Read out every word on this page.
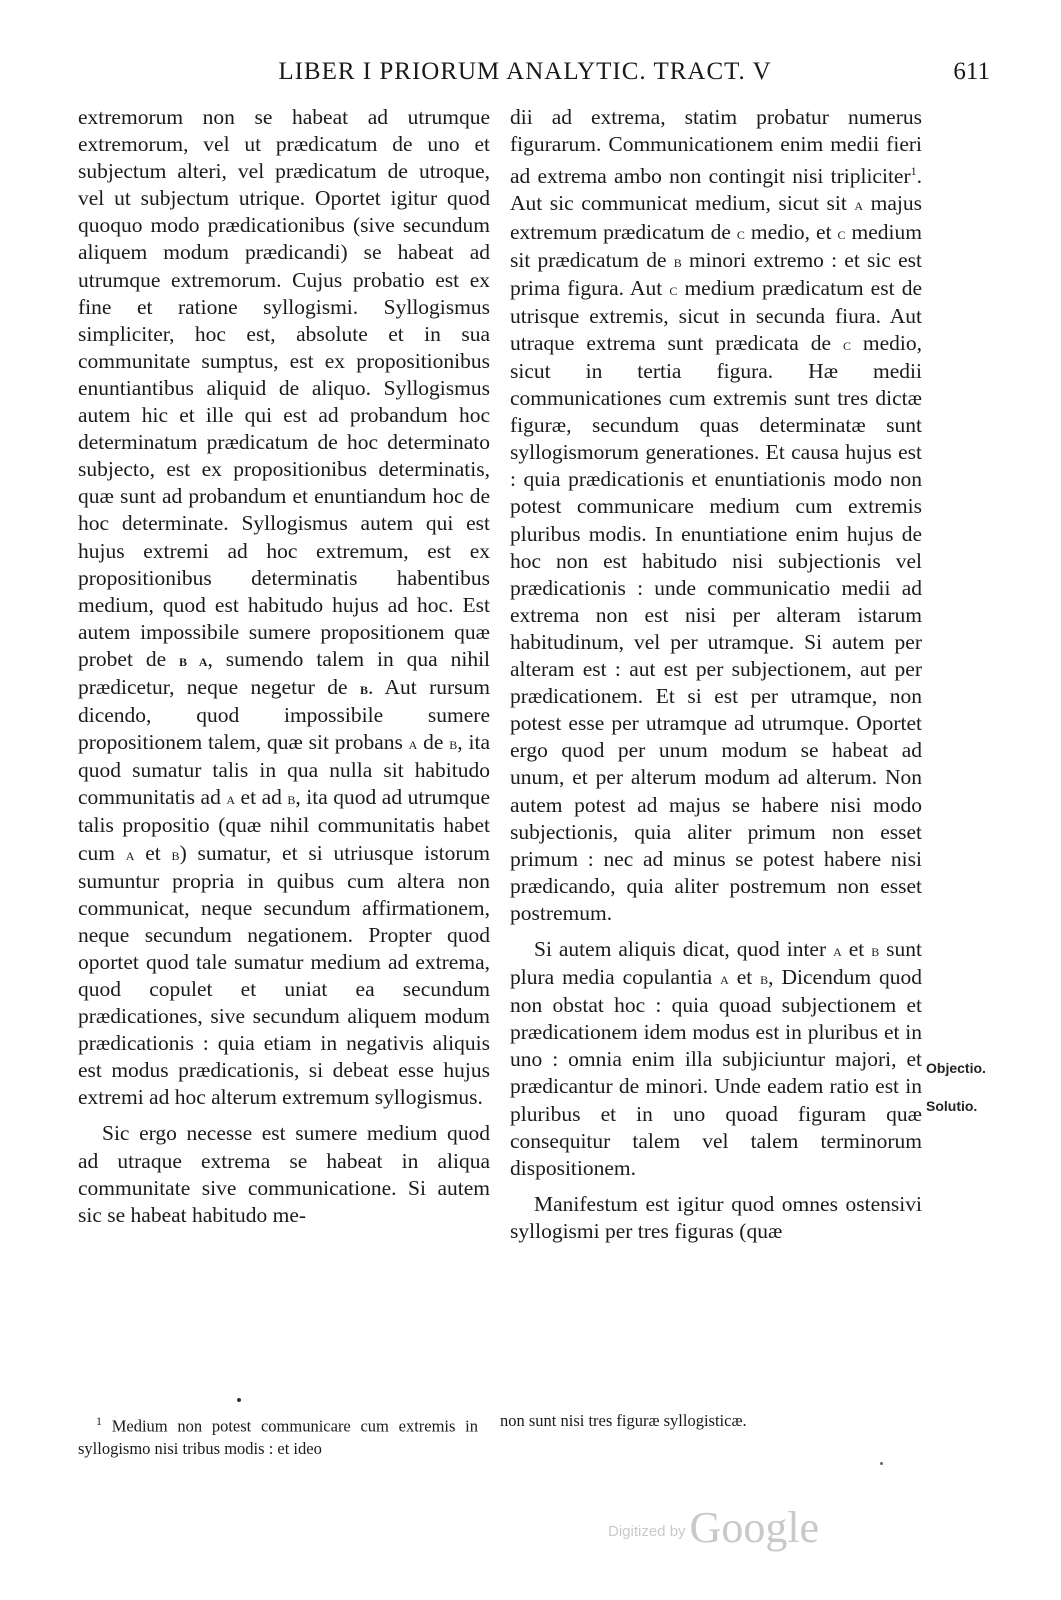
LIBER I PRIORUM ANALYTIC. TRACT. V	611

extremorum non se habeat ad utrumque extremorum, vel ut prædicatum de uno et subjectum alteri, vel prædicatum de utroque, vel ut subjectum utrique. Oportet igitur quod quoquo modo prædicationibus (sive secundum aliquem modum prædicandi) se habeat ad utrumque extremorum. Cujus probatio est ex fine et ratione syllogismi. Syllogismus simpliciter, hoc est, absolute et in sua communitate sumptus, est ex propositionibus enuntiantibus aliquid de aliquo. Syllogismus autem hic et ille qui est ad probandum hoc determinatum prædicatum de hoc determinato subjecto, est ex propositionibus determinatis, quæ sunt ad probandum et enuntiandum hoc de hoc determinate. Syllogismus autem qui est hujus extremi ad hoc extremum, est ex propositionibus determinatis habentibus medium, quod est habitudo hujus ad hoc. Est autem impossibile sumere propositionem quæ probet de b a, sumendo talem in qua nihil prædicetur, neque negetur de b. Aut rursum dicendo, quod impossibile sumere propositionem talem, quæ sit probans a de b, ita quod sumatur talis in qua nulla sit habitudo communitatis ad a et ad b, ita quod ad utrumque talis propositio (quæ nihil communitatis habet cum a et b) sumatur, et si utriusque istorum sumuntur propria in quibus cum altera non communicat, neque secundum affirmationem, neque secundum negationem. Propter quod oportet quod tale sumatur medium ad extrema, quod copulet et uniat ea secundum prædicationes, sive secundum aliquem modum prædicationis : quia etiam in negativis aliquis est modus prædicationis, si debeat esse hujus extremi ad hoc alterum extremum syllogismus.

Sic ergo necesse est sumere medium quod ad utraque extrema se habeat in aliqua communitate sive communicatione. Si autem sic se habeat habitudo me-

dii ad extrema, statim probatur numerus figurarum. Communicationem enim medii fieri ad extrema ambo non contingit nisi tripliciter$^1$. Aut sic communicat medium, sicut sit a majus extremum prædicatum de c medio, et c medium sit prædicatum de b minori extremo : et sic est prima figura. Aut c medium prædicatum est de utrisque extremis, sicut in secunda fiura. Aut utraque extrema sunt prædicata de c medio, sicut in tertia figura. Hæ medii communicationes cum extremis sunt tres dictæ figuræ, secundum quas determinatæ sunt syllogismorum generationes. Et causa hujus est : quia prædicationis et enuntiationis modo non potest communicare medium cum extremis pluribus modis. In enuntiatione enim hujus de hoc non est habitudo nisi subjectionis vel prædicationis : unde communicatio medii ad extrema non est nisi per alteram istarum habitudinum, vel per utramque. Si autem per alteram est : aut est per subjectionem, aut per prædicationem. Et si est per utramque, non potest esse per utramque ad utrumque. Oportet ergo quod per unum modum se habeat ad unum, et per alterum modum ad alterum. Non autem potest ad majus se habere nisi modo subjectionis, quia aliter primum non esset primum : nec ad minus se potest habere nisi prædicando, quia aliter postremum non esset postremum.

Si autem aliquis dicat, quod inter a et b sunt plura media copulantia a et b, Dicendum quod non obstat hoc : quia quoad subjectionem et prædicationem idem modus est in pluribus et in uno : omnia enim illa subjiciuntur majori, et prædicantur de minori. Unde eadem ratio est in pluribus et in uno quoad figuram quæ consequitur talem vel talem terminorum dispositionem.

Manifestum est igitur quod omnes ostensivi syllogismi per tres figuras (quæ

Objectio.
Solutio.
$^1$ Medium non potest communicare cum extremis in syllogismo nisi tribus modis : et ideo
non sunt nisi tres figuræ syllogisticæ.
Digitized byGoogle
